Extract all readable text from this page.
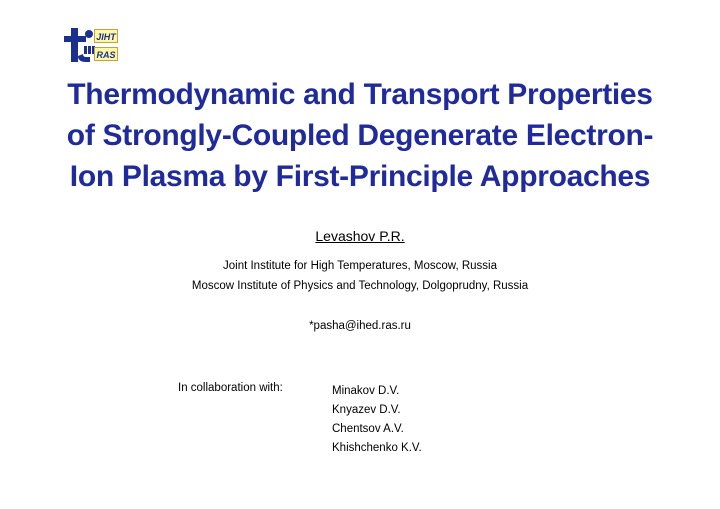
JIHT
RAS
Thermodynamic and Transport Properties
of Strongly-Coupled Degenerate Electron-
Ion Plasma by First-Principle Approaches
Levashov P.R.
Joint Institute for High Temperatures, Moscow, Russia
Moscow Institute of Physics and Technology, Dolgoprudny, Russia
*pasha@ihed.ras.ru
In collaboration with:	Minakov D.V.
Knyazev D.V.
Chentsov A.V.
Khishchenko K.V.
